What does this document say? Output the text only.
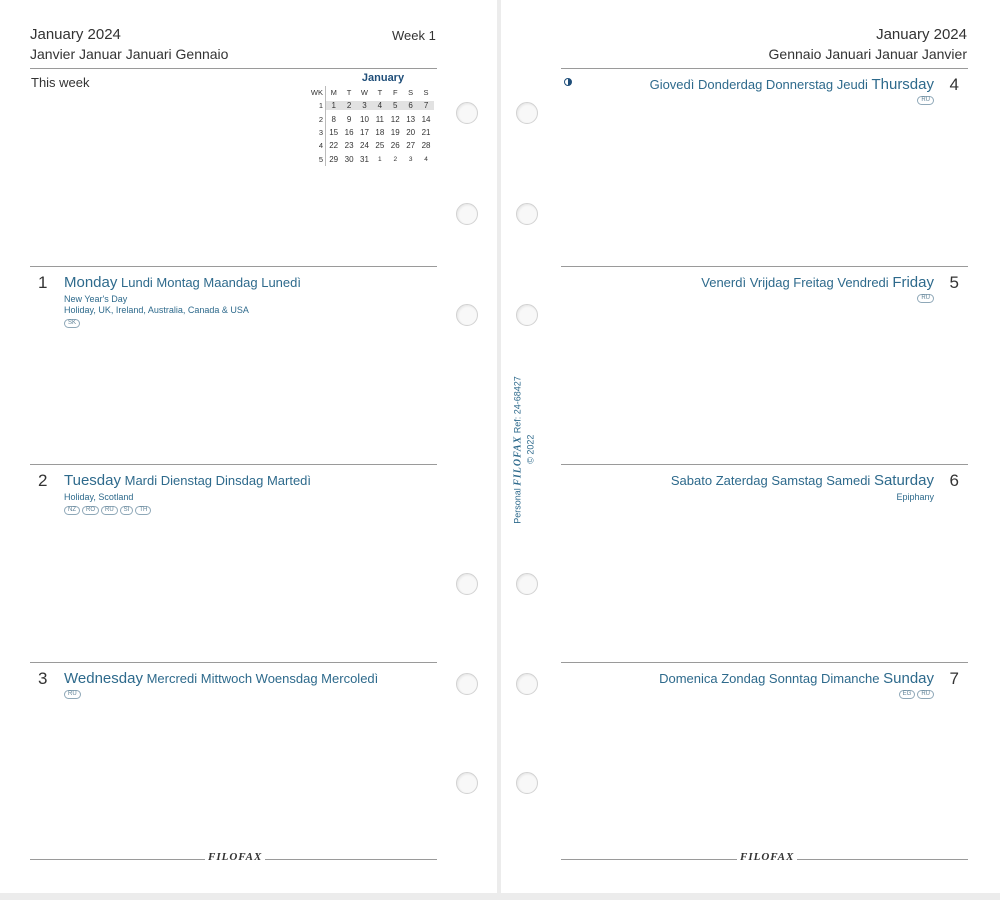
January 2024
Janvier Januar Januari Gennaio
Week 1
This week	January
WK	M	T	W	T	F	S	S
1	1	2	3	4	5	6	7
2	8	9	10 11 12 13 14
3 15 16 17 18 19 20 21
4 22 23 24 25 26 27 28
5 29 30 31	1	2	3	4
1 Monday Lundi Montag Maandag Lunedì
New Year's Day
Holiday, UK, Ireland, Australia, Canada & USA
SK
2 Tuesday Mardi Dienstag Dinsdag Martedì
Holiday, Scotland
NZ	RO	RU	SI	TH
3 Wednesday Mercredi Mittwoch Woensdag Mercoledì
RU
FILOFAX
January 2024
Gennaio Januari Januar Janvier
Giovedì Donderdag Donnerstag Jeudi Thursday 4
RU
Venerdì Vrijdag Freitag Vendredi Friday 5
RU
Sabato Zaterdag Samstag Samedi Saturday 6
Epiphany
Domenica Zondag Sonntag Dimanche Sunday 7
EG	RU
FILOFAX
Personal FILOFAX Ref: 24-68427
© 2022
